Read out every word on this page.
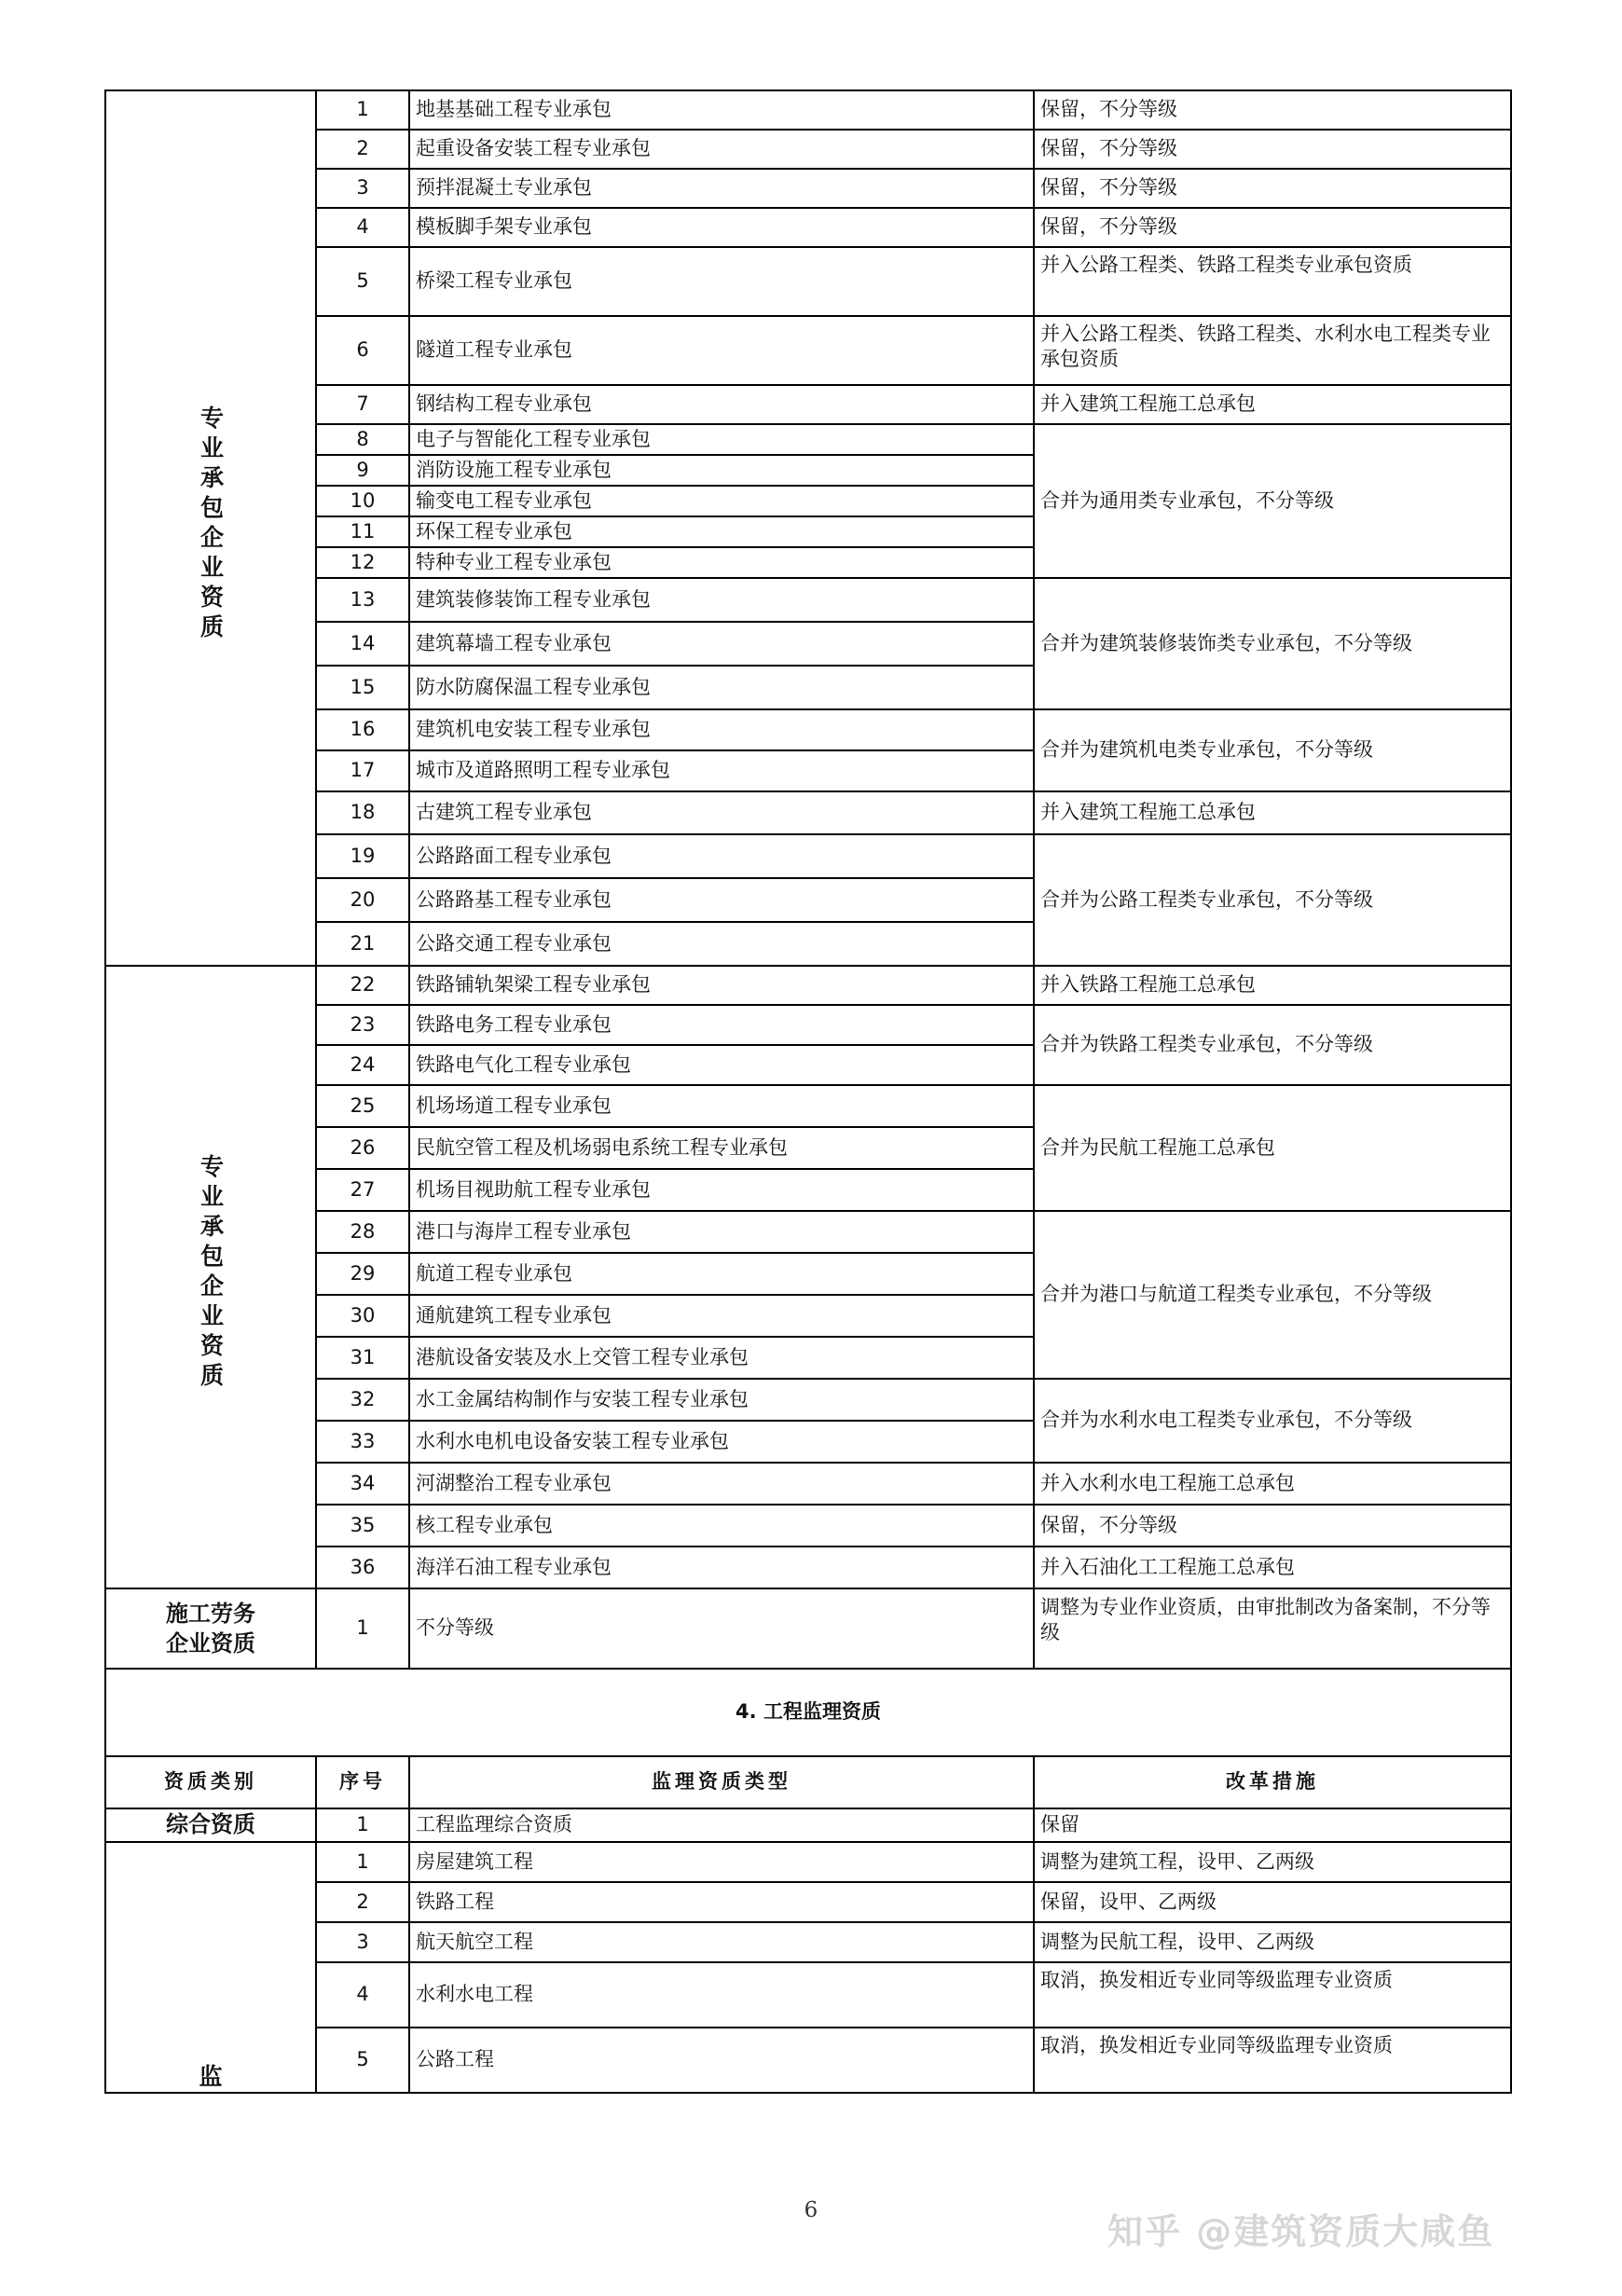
专业承包企业资质	1	地基基础工程专业承包	保留，不分等级
	2	起重设备安装工程专业承包	保留，不分等级
	3	预拌混凝土专业承包	保留，不分等级
	4	模板脚手架专业承包	保留，不分等级
	5	桥梁工程专业承包	并入公路工程类、铁路工程类专业承包资质
	6	隧道工程专业承包	并入公路工程类、铁路工程类、水利水电工程类专业承包资质
	7	钢结构工程专业承包	并入建筑工程施工总承包
	8	电子与智能化工程专业承包	合并为通用类专业承包，不分等级
	9	消防设施工程专业承包	
	10	输变电工程专业承包	
	11	环保工程专业承包	
	12	特种专业工程专业承包	
	13	建筑装修装饰工程专业承包	合并为建筑装修装饰类专业承包，不分等级
	14	建筑幕墙工程专业承包	
	15	防水防腐保温工程专业承包	
	16	建筑机电安装工程专业承包	合并为建筑机电类专业承包，不分等级
	17	城市及道路照明工程专业承包	
	18	古建筑工程专业承包	并入建筑工程施工总承包
	19	公路路面工程专业承包	合并为公路工程类专业承包，不分等级
	20	公路路基工程专业承包	
	21	公路交通工程专业承包	
专业承包企业资质	22	铁路铺轨架梁工程专业承包	并入铁路工程施工总承包
	23	铁路电务工程专业承包	合并为铁路工程类专业承包，不分等级
	24	铁路电气化工程专业承包	
	25	机场场道工程专业承包	合并为民航工程施工总承包
	26	民航空管工程及机场弱电系统工程专业承包	
	27	机场目视助航工程专业承包	
	28	港口与海岸工程专业承包	合并为港口与航道工程类专业承包，不分等级
	29	航道工程专业承包	
	30	通航建筑工程专业承包	
	31	港航设备安装及水上交管工程专业承包	
	32	水工金属结构制作与安装工程专业承包	合并为水利水电工程类专业承包，不分等级
	33	水利水电机电设备安装工程专业承包	
	34	河湖整治工程专业承包	并入水利水电工程施工总承包
	35	核工程专业承包	保留，不分等级
	36	海洋石油工程专业承包	并入石油化工工程施工总承包

施工劳务
企业资质	1	不分等级	调整为专业作业资质，由审批制改为备案制，不分等级
4. 工程监理资质			
资质类别	序号	监理资质类型	改革措施

综合资质	1	工程监理综合资质	保留

监	1	房屋建筑工程	调整为建筑工程，设甲、乙两级
	2	铁路工程	保留，设甲、乙两级
	3	航天航空工程	调整为民航工程，设甲、乙两级
	4	水利水电工程	取消，换发相近专业同等级监理专业资质
	5	公路工程	取消，换发相近专业同等级监理专业资质
6
知乎 @建筑资质大咸鱼
